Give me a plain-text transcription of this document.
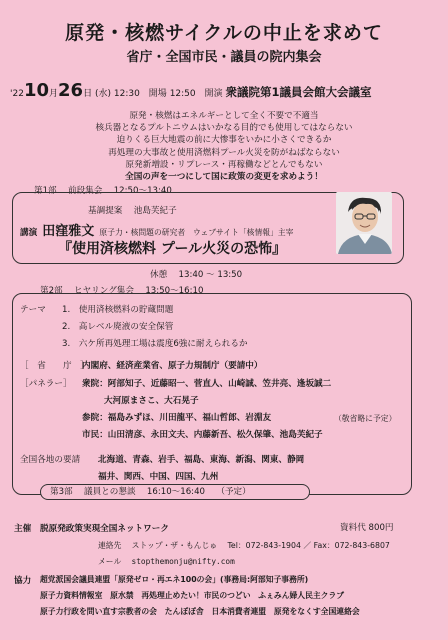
原発・核燃サイクルの中止を求めて
省庁・全国市民・議員の院内集会
'2210月26日 (水) 12:30　開場 12:50　開演 衆議院第1議員会館大会議室
原発・核燃はエネルギーとして全く不要で不適当
核兵器となるプルトニウムはいかなる目的でも使用してはならない
迫りくる巨大地震の前に大惨事をいかに小さくできるか
再処理の大事故と使用済燃料プール火災を防がねばならない
原発新増設・リプレース・再稼働などとんでもない
全国の声を一つにして国に政策の変更を求めよう！
第1部　 前段集会　 12:50～13:40
基調提案　 池島芙紀子
講演 田窪雅文 原子力・核問題の研究者　ウェブサイト「核情報」主宰
『使用済核燃料 プール火災の恐怖』
休憩　 13:40 ～ 13:50
第2部　 ヒヤリング集会　 13:50～16:10
テーマ 1.　使用済核燃料の貯蔵問題
2.　高レベル廃液の安全保管
3.　六ケ所再処理工場は震度6強に耐えられるか
［　省　　庁　］
内閣府、経済産業省、原子力規制庁（要請中）
［パネラー］ 衆院：阿部知子、近藤昭一、菅直人、山崎誠、笠井亮、逢坂誠二
大河原まさこ、大石晃子
参院：福島みずほ、川田龍平、福山哲郎、岩淵友	（敬省略に予定）
市民：山田清彦、永田文夫、内藤新吾、松久保肇、池島芙紀子
全国各地の要請 北海道、青森、岩手、福島、東海、新潟、関東、静岡
福井、関西、中国、四国、九州
第3部　 議員との懇談　 16:10～16:40　 （予定）
主催 脱原発政策実現全国ネットワーク	資料代 800円
連絡先　 ストップ・ザ・もんじゅ　 Tel：072-843-1904 ／ Fax：072-843-6807
メール　 stopthemonju@nifty.com
協力 超党派国会議員連盟「原発ゼロ・再エネ100の会」(事務局:阿部知子事務所)
原子力資料情報室　原水禁　再処理止めたい！市民のつどい　ふぇみん婦人民主クラブ
原子力行政を問い直す宗教者の会　たんぽぽ舎　日本消費者連盟　原発をなくす全国連絡会
